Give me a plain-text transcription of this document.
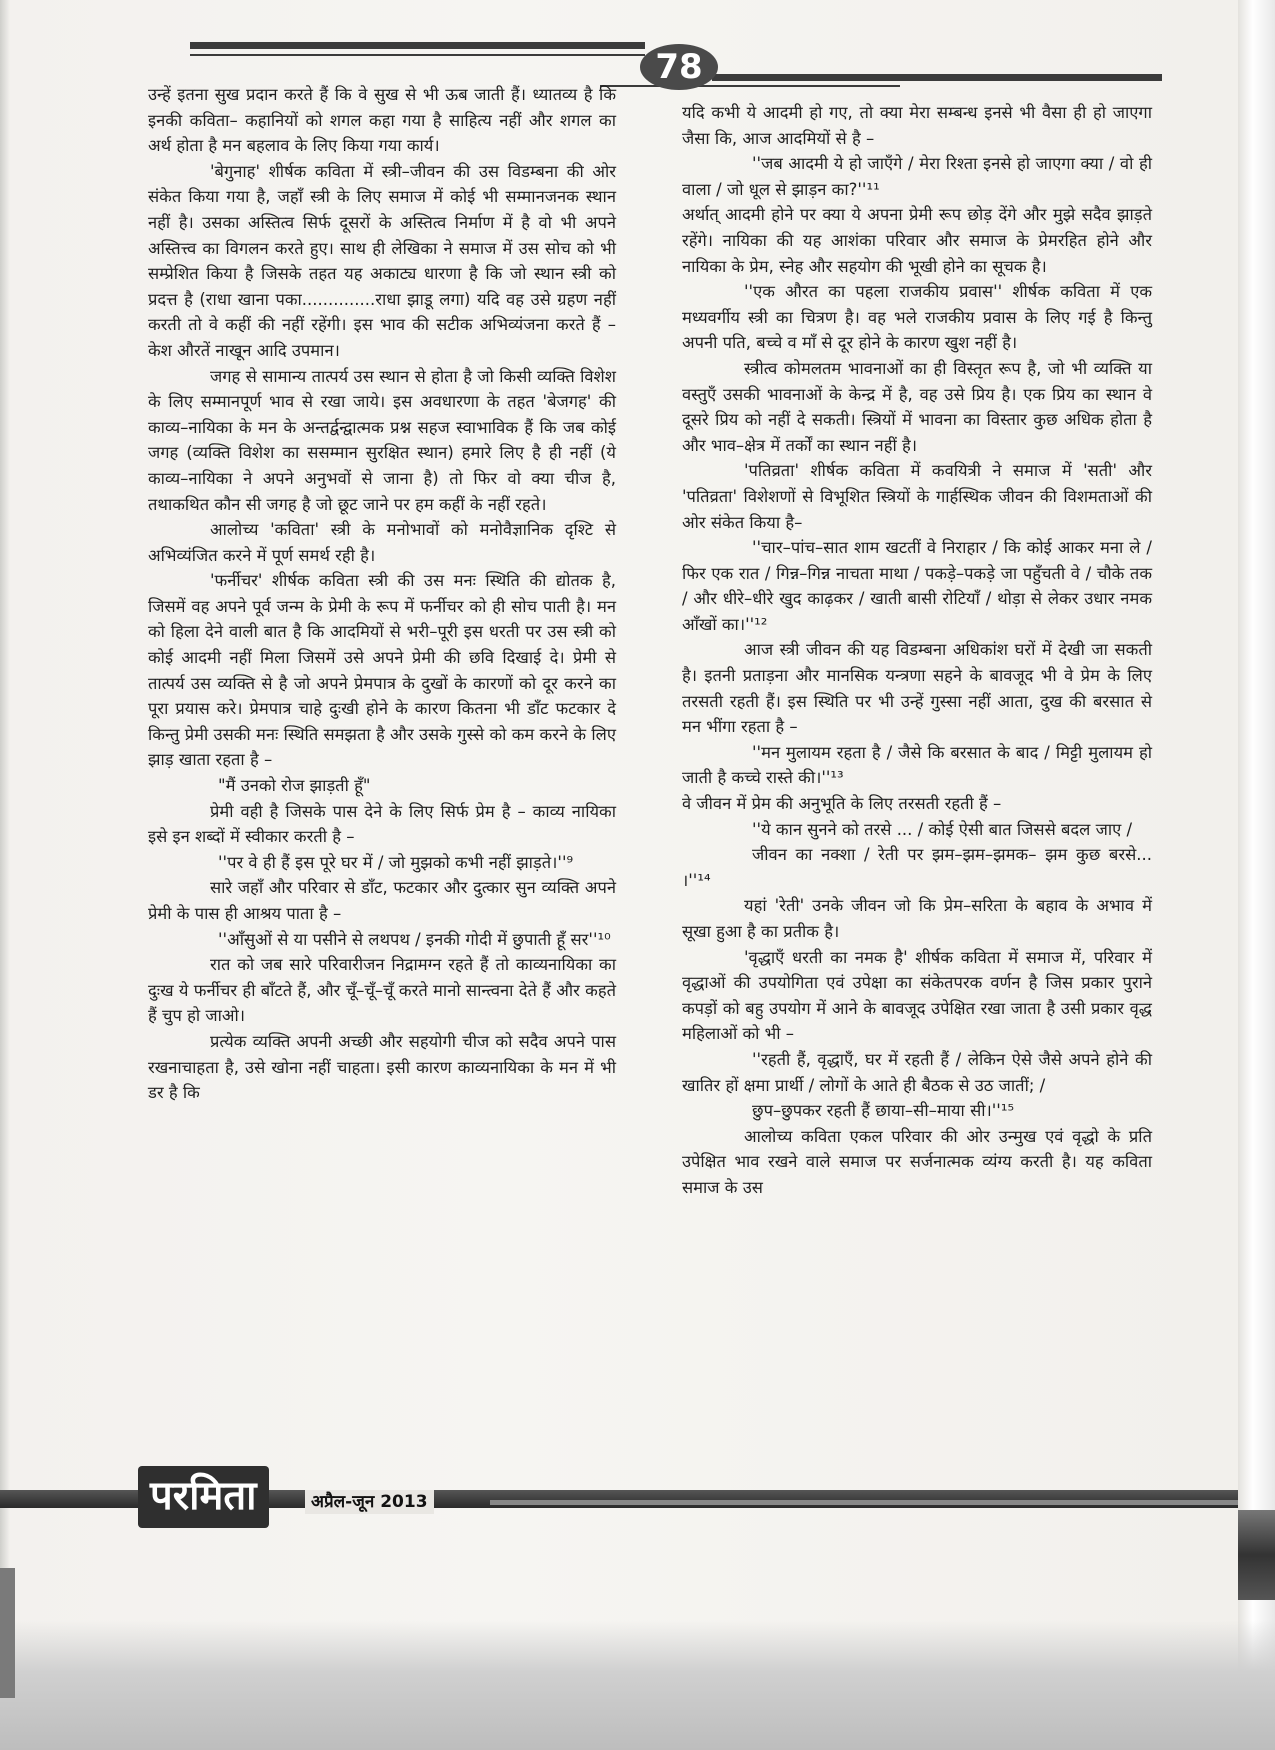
78

उन्हें इतना सुख प्रदान करते हैं कि वे सुख से भी ऊब जाती हैं। ध्यातव्य है कि इनकी कविता– कहानियों को शगल कहा गया है साहित्य नहीं और शगल का अर्थ होता है मन बहलाव के लिए किया गया कार्य।

'बेगुनाह' शीर्षक कविता में स्त्री–जीवन की उस विडम्बना की ओर संकेत किया गया है, जहाँ स्त्री के लिए समाज में कोई भी सम्मानजनक स्थान नहीं है। उसका अस्तित्व सिर्फ दूसरों के अस्तित्व निर्माण में है वो भी अपने अस्तित्त्व का विगलन करते हुए। साथ ही लेखिका ने समाज में उस सोच को भी सम्प्रेशित किया है जिसके तहत यह अकाट्य धारणा है कि जो स्थान स्त्री को प्रदत्त है (राधा खाना पका..............राधा झाडू लगा) यदि वह उसे ग्रहण नहीं करती तो वे कहीं की नहीं रहेंगी। इस भाव की सटीक अभिव्यंजना करते हैं – केश औरतें नाखून आदि उपमान।

जगह से सामान्य तात्पर्य उस स्थान से होता है जो किसी व्यक्ति विशेश के लिए सम्मानपूर्ण भाव से रखा जाये। इस अवधारणा के तहत 'बेजगह' की काव्य–नायिका के मन के अन्तर्द्वन्द्वात्मक प्रश्न सहज स्वाभाविक हैं कि जब कोई जगह (व्यक्ति विशेश का ससम्मान सुरक्षित स्थान) हमारे लिए है ही नहीं (ये काव्य–नायिका ने अपने अनुभवों से जाना है) तो फिर वो क्या चीज है, तथाकथित कौन सी जगह है जो छूट जाने पर हम कहीं के नहीं रहते।

आलोच्य 'कविता' स्त्री के मनोभावों को मनोवैज्ञानिक दृश्टि से अभिव्यंजित करने में पूर्ण समर्थ रही है।

'फर्नीचर' शीर्षक कविता स्त्री की उस मनः स्थिति की द्योतक है, जिसमें वह अपने पूर्व जन्म के प्रेमी के रूप में फर्नीचर को ही सोच पाती है। मन को हिला देने वाली बात है कि आदमियों से भरी–पूरी इस धरती पर उस स्त्री को कोई आदमी नहीं मिला जिसमें उसे अपने प्रेमी की छवि दिखाई दे। प्रेमी से तात्पर्य उस व्यक्ति से है जो अपने प्रेमपात्र के दुखों के कारणों को दूर करने का पूरा प्रयास करे। प्रेमपात्र चाहे दुःखी होने के कारण कितना भी डाँट फटकार दे किन्तु प्रेमी उसकी मनः स्थिति समझता है और उसके गुस्से को कम करने के लिए झाड़ खाता रहता है –

"मैं उनको रोज झाड़ती हूँ"

प्रेमी वही है जिसके पास देने के लिए सिर्फ प्रेम है – काव्य नायिका इसे इन शब्दों में स्वीकार करती है –

''पर वे ही हैं इस पूरे घर में / जो मुझको कभी नहीं झाड़ते।''⁹

सारे जहाँ और परिवार से डाँट, फटकार और दुत्कार सुन व्यक्ति अपने प्रेमी के पास ही आश्रय पाता है –

''आँसुओं से या पसीने से लथपथ / इनकी गोदी में छुपाती हूँ सर''¹⁰

रात को जब सारे परिवारीजन निद्रामग्न रहते हैं तो काव्यनायिका का दुःख ये फर्नीचर ही बाँटते हैं, और चूँ–चूँ–चूँ करते मानो सान्त्वना देते हैं और कहते हैं चुप हो जाओ।

प्रत्येक व्यक्ति अपनी अच्छी और सहयोगी चीज को सदैव अपने पास रखनाचाहता है, उसे खोना नहीं चाहता। इसी कारण काव्यनायिका के मन में भी डर है कि

यदि कभी ये आदमी हो गए, तो क्या मेरा सम्बन्ध इनसे भी वैसा ही हो जाएगा जैसा कि, आज आदमियों से है –

''जब आदमी ये हो जाएँगे / मेरा रिश्ता इनसे हो जाएगा क्या / वो ही वाला / जो धूल से झाड़न का?''¹¹

अर्थात् आदमी होने पर क्या ये अपना प्रेमी रूप छोड़ देंगे और मुझे सदैव झाड़ते रहेंगे। नायिका की यह आशंका परिवार और समाज के प्रेमरहित होने और नायिका के प्रेम, स्नेह और सहयोग की भूखी होने का सूचक है।

''एक औरत का पहला राजकीय प्रवास'' शीर्षक कविता में एक मध्यवर्गीय स्त्री का चित्रण है। वह भले राजकीय प्रवास के लिए गई है किन्तु अपनी पति, बच्चे व माँ से दूर होने के कारण खुश नहीं है।

स्त्रीत्व कोमलतम भावनाओं का ही विस्तृत रूप है, जो भी व्यक्ति या वस्तुएँ उसकी भावनाओं के केन्द्र में है, वह उसे प्रिय है। एक प्रिय का स्थान वे दूसरे प्रिय को नहीं दे सकती। स्त्रियों में भावना का विस्तार कुछ अधिक होता है और भाव–क्षेत्र में तर्कों का स्थान नहीं है।

'पतिव्रता' शीर्षक कविता में कवयित्री ने समाज में 'सती' और 'पतिव्रता' विशेशणों से विभूशित स्त्रियों के गार्हस्थिक जीवन की विशमताओं की ओर संकेत किया है–

''चार–पांच–सात शाम खटतीं वे निराहार / कि कोई आकर मना ले / फिर एक रात / गिन्न–गिन्न नाचता माथा / पकड़े–पकड़े जा पहुँचती वे / चौके तक / और धीरे–धीरे खुद काढ़कर / खाती बासी रोटियाँ / थोड़ा से लेकर उधार नमक आँखों का।''¹²

आज स्त्री जीवन की यह विडम्बना अधिकांश घरों में देखी जा सकती है। इतनी प्रताड़ना और मानसिक यन्त्रणा सहने के बावजूद भी वे प्रेम के लिए तरसती रहती हैं। इस स्थिति पर भी उन्हें गुस्सा नहीं आता, दुख की बरसात से मन भींगा रहता है –

''मन मुलायम रहता है / जैसे कि बरसात के बाद / मिट्टी मुलायम हो जाती है कच्चे रास्ते की।''¹³

वे जीवन में प्रेम की अनुभूति के लिए तरसती रहती हैं –

''ये कान सुनने को तरसे ... / कोई ऐसी बात जिससे बदल जाए /

जीवन का नक्शा / रेती पर झम–झम–झमक– झम कुछ बरसे... ।''¹⁴

यहां 'रेती' उनके जीवन जो कि प्रेम–सरिता के बहाव के अभाव में सूखा हुआ है का प्रतीक है।

'वृद्धाएँ धरती का नमक है' शीर्षक कविता में समाज में, परिवार में वृद्धाओं की उपयोगिता एवं उपेक्षा का संकेतपरक वर्णन है जिस प्रकार पुराने कपड़ों को बहु उपयोग में आने के बावजूद उपेक्षित रखा जाता है उसी प्रकार वृद्ध महिलाओं को भी –

''रहती हैं, वृद्धाएँ, घर में रहती हैं / लेकिन ऐसे जैसे अपने होने की खातिर हों क्षमा प्रार्थी / लोगों के आते ही बैठक से उठ जातीं; /

छुप–छुपकर रहती हैं छाया–सी–माया सी।''¹⁵

आलोच्य कविता एकल परिवार की ओर उन्मुख एवं वृद्धो के प्रति उपेक्षित भाव रखने वाले समाज पर सर्जनात्मक व्यंग्य करती है। यह कविता समाज के उस

परमिता	अप्रैल-जून 2013
